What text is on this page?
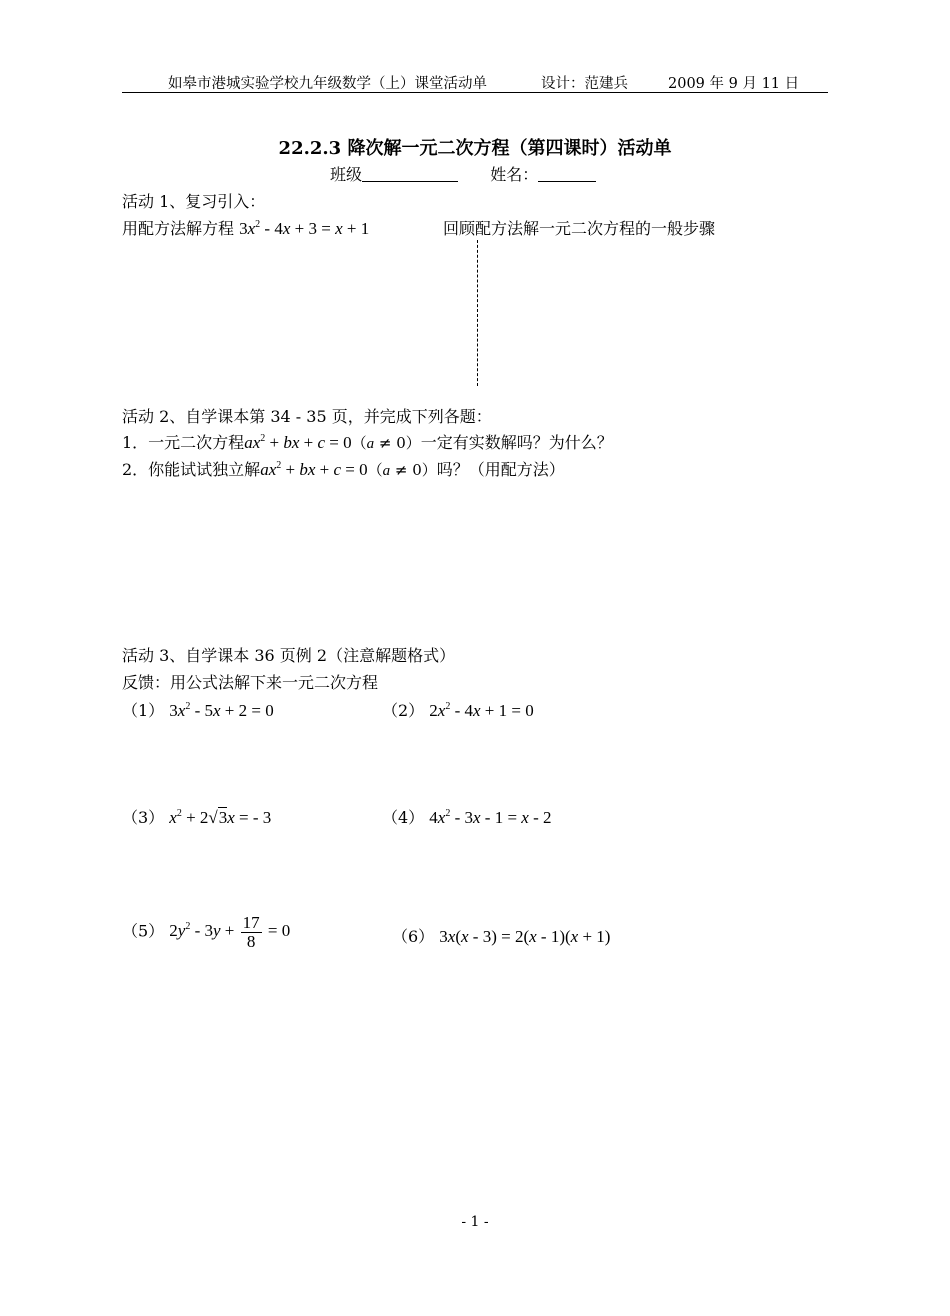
如皋市港城实验学校九年级数学（上）课堂活动单	设计：范建兵	2009 年 9 月 11 日
22.2.3 降次解一元二次方程（第四课时）活动单
班级	姓名：
活动 1、复习引入：
用配方法解方程 $3x^2 - 4x + 3 = x + 1$	回顾配方法解一元二次方程的一般步骤
活动 2、自学课本第 34 - 35 页，并完成下列各题：
1．一元二次方程$ax^2$ + bx + c = 0（a ≠ 0）一定有实数解吗？为什么？
2．你能试试独立解$ax^2$ + bx + c = 0（a ≠ 0）吗？（用配方法）
活动 3、自学课本 36 页例 2（注意解题格式）
反馈：用公式法解下来一元二次方程
（1） $3x^2 - 5x + 2 = 0$	（2） $2x^2 - 4x + 1 = 0$
（3） $x^2 + 2√3x$ = - 3	（4） $4x^2 - 3x - 1 = x - 2$
（5） $2y^2 - 3y + \frac{17}{8} = 0$	（6） 3x(x - 3) = 2(x - 1)(x + 1)
- 1 -
